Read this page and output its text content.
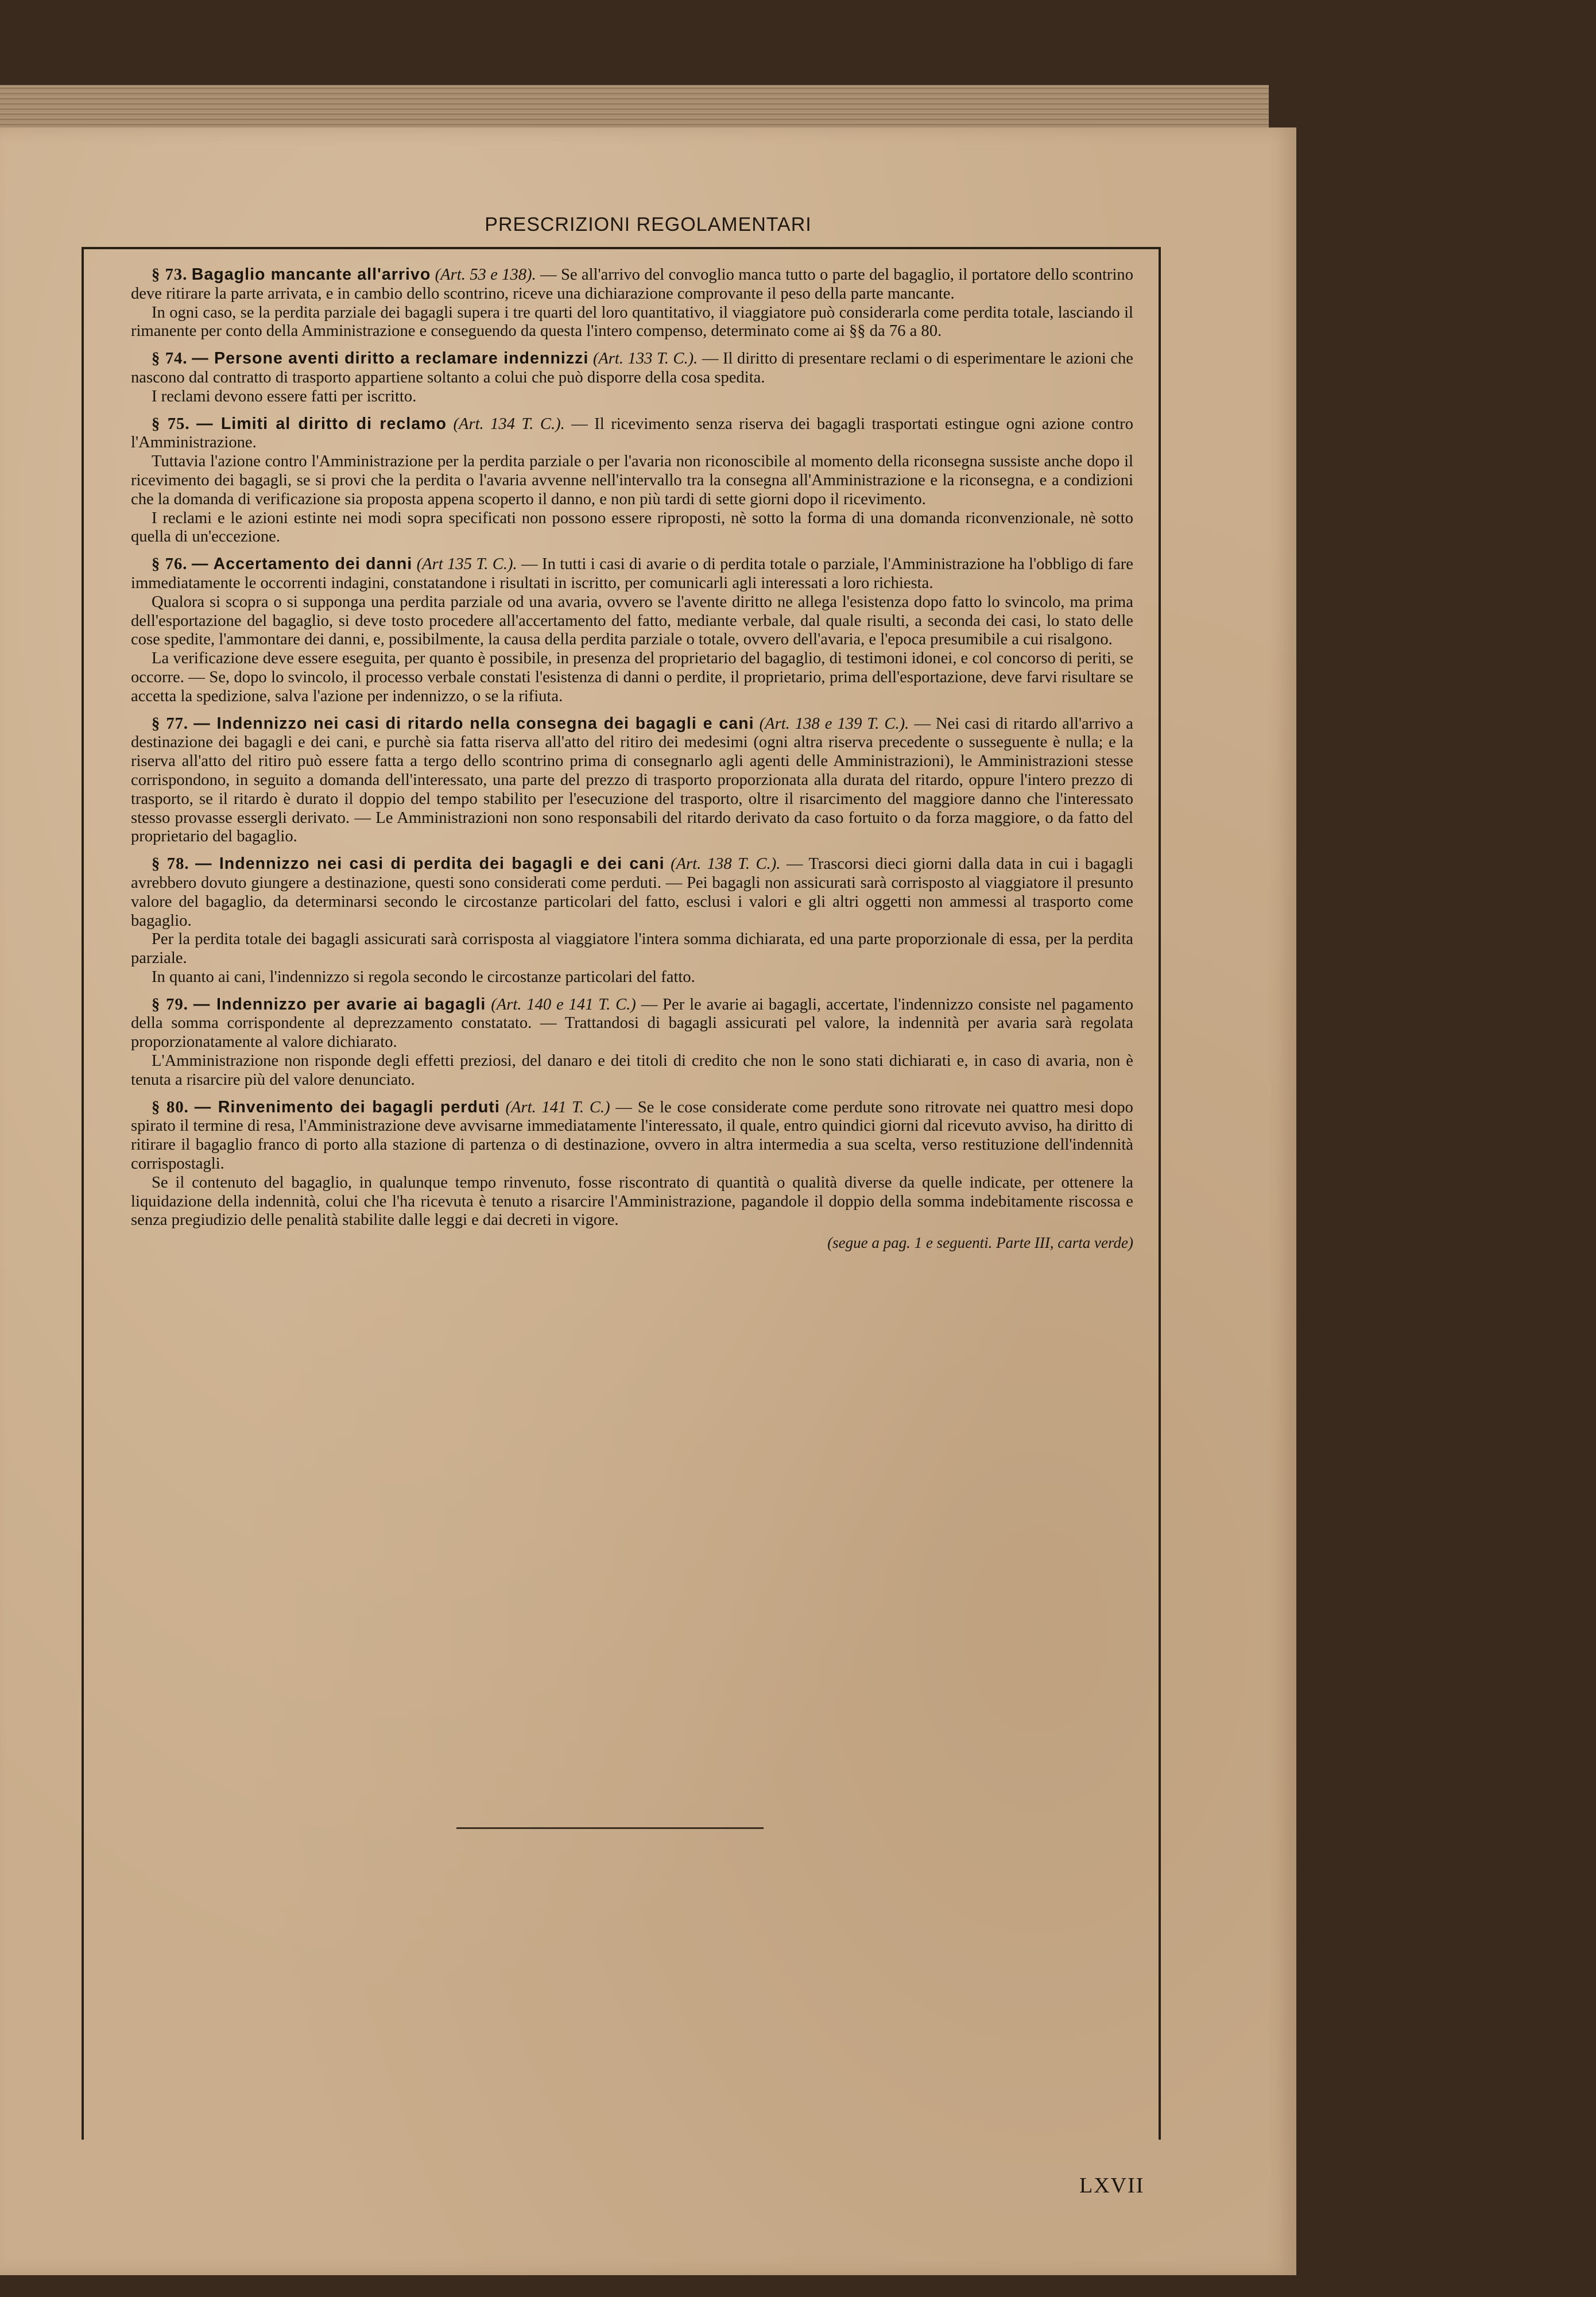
PRESCRIZIONI REGOLAMENTARI

§ 73. Bagaglio mancante all'arrivo (Art. 53 e 138). — Se all'arrivo del convoglio manca tutto o parte del bagaglio, il portatore dello scontrino deve ritirare la parte arrivata, e in cambio dello scontrino, riceve una dichiarazione comprovante il peso della parte mancante.

In ogni caso, se la perdita parziale dei bagagli supera i tre quarti del loro quantitativo, il viaggiatore può considerarla come perdita totale, lasciando il rimanente per conto della Amministrazione e conseguendo da questa l'intero compenso, determinato come ai §§ da 76 a 80.

§ 74. — Persone aventi diritto a reclamare indennizzi (Art. 133 T. C.). — Il diritto di presentare reclami o di esperimentare le azioni che nascono dal contratto di trasporto appartiene soltanto a colui che può disporre della cosa spedita.

I reclami devono essere fatti per iscritto.

§ 75. — Limiti al diritto di reclamo (Art. 134 T. C.). — Il ricevimento senza riserva dei bagagli trasportati estingue ogni azione contro l'Amministrazione.

Tuttavia l'azione contro l'Amministrazione per la perdita parziale o per l'avaria non riconoscibile al momento della riconsegna sussiste anche dopo il ricevimento dei bagagli, se si provi che la perdita o l'avaria avvenne nell'intervallo tra la consegna all'Amministrazione e la riconsegna, e a condizioni che la domanda di verificazione sia proposta appena scoperto il danno, e non più tardi di sette giorni dopo il ricevimento.

I reclami e le azioni estinte nei modi sopra specificati non possono essere riproposti, nè sotto la forma di una domanda riconvenzionale, nè sotto quella di un'eccezione.

§ 76. — Accertamento dei danni (Art 135 T. C.). — In tutti i casi di avarie o di perdita totale o parziale, l'Amministrazione ha l'obbligo di fare immediatamente le occorrenti indagini, constatandone i risultati in iscritto, per comunicarli agli interessati a loro richiesta.

Qualora si scopra o si supponga una perdita parziale od una avaria, ovvero se l'avente diritto ne allega l'esistenza dopo fatto lo svincolo, ma prima dell'esportazione del bagaglio, si deve tosto procedere all'accertamento del fatto, mediante verbale, dal quale risulti, a seconda dei casi, lo stato delle cose spedite, l'ammontare dei danni, e, possibilmente, la causa della perdita parziale o totale, ovvero dell'avaria, e l'epoca presumibile a cui risalgono.

La verificazione deve essere eseguita, per quanto è possibile, in presenza del proprietario del bagaglio, di testimoni idonei, e col concorso di periti, se occorre. — Se, dopo lo svincolo, il processo verbale constati l'esistenza di danni o perdite, il proprietario, prima dell'esportazione, deve farvi risultare se accetta la spedizione, salva l'azione per indennizzo, o se la rifiuta.

§ 77. — Indennizzo nei casi di ritardo nella consegna dei bagagli e cani (Art. 138 e 139 T. C.). — Nei casi di ritardo all'arrivo a destinazione dei bagagli e dei cani, e purchè sia fatta riserva all'atto del ritiro dei medesimi (ogni altra riserva precedente o susseguente è nulla; e la riserva all'atto del ritiro può essere fatta a tergo dello scontrino prima di consegnarlo agli agenti delle Amministrazioni), le Amministrazioni stesse corrispondono, in seguito a domanda dell'interessato, una parte del prezzo di trasporto proporzionata alla durata del ritardo, oppure l'intero prezzo di trasporto, se il ritardo è durato il doppio del tempo stabilito per l'esecuzione del trasporto, oltre il risarcimento del maggiore danno che l'interessato stesso provasse essergli derivato. — Le Amministrazioni non sono responsabili del ritardo derivato da caso fortuito o da forza maggiore, o da fatto del proprietario del bagaglio.

§ 78. — Indennizzo nei casi di perdita dei bagagli e dei cani (Art. 138 T. C.). — Trascorsi dieci giorni dalla data in cui i bagagli avrebbero dovuto giungere a destinazione, questi sono considerati come perduti. — Pei bagagli non assicurati sarà corrisposto al viaggiatore il presunto valore del bagaglio, da determinarsi secondo le circostanze particolari del fatto, esclusi i valori e gli altri oggetti non ammessi al trasporto come bagaglio.

Per la perdita totale dei bagagli assicurati sarà corrisposta al viaggiatore l'intera somma dichiarata, ed una parte proporzionale di essa, per la perdita parziale.

In quanto ai cani, l'indennizzo si regola secondo le circostanze particolari del fatto.

§ 79. — Indennizzo per avarie ai bagagli (Art. 140 e 141 T. C.) — Per le avarie ai bagagli, accertate, l'indennizzo consiste nel pagamento della somma corrispondente al deprezzamento constatato. — Trattandosi di bagagli assicurati pel valore, la indennità per avaria sarà regolata proporzionatamente al valore dichiarato.

L'Amministrazione non risponde degli effetti preziosi, del danaro e dei titoli di credito che non le sono stati dichiarati e, in caso di avaria, non è tenuta a risarcire più del valore denunciato.

§ 80. — Rinvenimento dei bagagli perduti (Art. 141 T. C.) — Se le cose considerate come perdute sono ritrovate nei quattro mesi dopo spirato il termine di resa, l'Amministrazione deve avvisarne immediatamente l'interessato, il quale, entro quindici giorni dal ricevuto avviso, ha diritto di ritirare il bagaglio franco di porto alla stazione di partenza o di destinazione, ovvero in altra intermedia a sua scelta, verso restituzione dell'indennità corrispostagli.

Se il contenuto del bagaglio, in qualunque tempo rinvenuto, fosse riscontrato di quantità o qualità diverse da quelle indicate, per ottenere la liquidazione della indennità, colui che l'ha ricevuta è tenuto a risarcire l'Amministrazione, pagandole il doppio della somma indebitamente riscossa e senza pregiudizio delle penalità stabilite dalle leggi e dai decreti in vigore.

(segue a pag. 1 e seguenti. Parte III, carta verde)

LXVII
